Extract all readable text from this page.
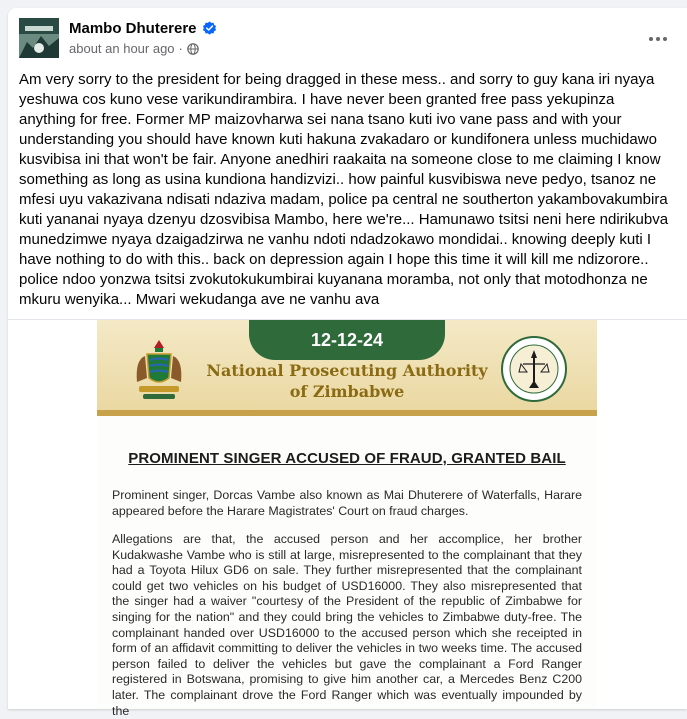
Mambo Dhuterere
about an hour ago ·

Am very sorry to the president for being dragged in these mess.. and sorry to guy kana iri nyaya yeshuwa cos kuno vese varikundirambira. I have never been granted free pass yekupinza anything for free. Former MP maizovharwa sei nana tsano kuti ivo vane pass and with your understanding you should have known kuti hakuna zvakadaro or kundifonera unless muchidawo kusvibisa ini that won't be fair. Anyone anedhiri raakaita na someone close to me claiming I know something as long as usina kundiona handizvizi.. how painful kusvibiswa neve pedyo, tsanoz ne mfesi uyu vakazivana ndisati ndaziva madam, police pa central ne southerton yakambovakumbira kuti yananai nyaya dzenyu dzosvibisa Mambo, here we're... Hamunawo tsitsi neni here ndirikubva munedzimwe nyaya dzaigadzirwa ne vanhu ndoti ndadzokawo mondidai.. knowing deeply kuti I have nothing to do with this.. back on depression again I hope this time it will kill me ndizorore.. police ndoo yonzwa tsitsi zvokutokukumbirai kuyanana moramba, not only that motodhonza ne mkuru wenyika... Mwari wekudanga ave ne vanhu ava

12-12-24
National Prosecuting Authority
of Zimbabwe
PROMINENT SINGER ACCUSED OF FRAUD, GRANTED BAIL

Prominent singer, Dorcas Vambe also known as Mai Dhuterere of Waterfalls, Harare appeared before the Harare Magistrates' Court on fraud charges.

Allegations are that, the accused person and her accomplice, her brother Kudakwashe Vambe who is still at large, misrepresented to the complainant that they had a Toyota Hilux GD6 on sale. They further misrepresented that the complainant could get two vehicles on his budget of USD16000. They also misrepresented that the singer had a waiver "courtesy of the President of the republic of Zimbabwe for singing for the nation" and they could bring the vehicles to Zimbabwe duty-free. The complainant handed over USD16000 to the accused person which she receipted in form of an affidavit committing to deliver the vehicles in two weeks time. The accused person failed to deliver the vehicles but gave the complainant a Ford Ranger registered in Botswana, promising to give him another car, a Mercedes Benz C200 later. The complainant drove the Ford Ranger which was eventually impounded by the
